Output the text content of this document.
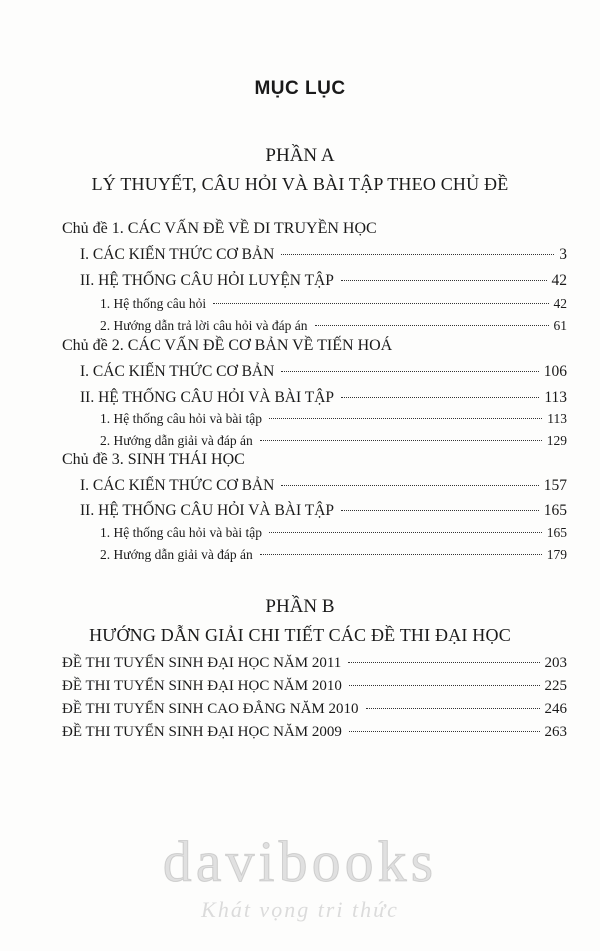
MỤC LỤC
PHẦN A
LÝ THUYẾT, CÂU HỎI VÀ BÀI TẬP THEO CHỦ ĐỀ
Chủ đề 1. CÁC VẤN ĐỀ VỀ DI TRUYỀN HỌC
I. CÁC KIẾN THỨC CƠ BẢN	3
II. HỆ THỐNG CÂU HỎI LUYỆN TẬP	42
1. Hệ thống câu hỏi	42
2. Hướng dẫn trả lời câu hỏi và đáp án	61
Chủ đề 2. CÁC VẤN ĐỀ CƠ BẢN VỀ TIẾN HOÁ
I. CÁC KIẾN THỨC CƠ BẢN	106
II. HỆ THỐNG CÂU HỎI VÀ BÀI TẬP	113
1. Hệ thống câu hỏi và bài tập	113
2. Hướng dẫn giải và đáp án	129
Chủ đề 3. SINH THÁI HỌC
I. CÁC KIẾN THỨC CƠ BẢN	157
II. HỆ THỐNG CÂU HỎI VÀ BÀI TẬP	165
1. Hệ thống câu hỏi và bài tập	165
2. Hướng dẫn giải và đáp án	179
PHẦN B
HƯỚNG DẪN GIẢI CHI TIẾT CÁC ĐỀ THI ĐẠI HỌC
ĐỀ THI TUYỂN SINH ĐẠI HỌC NĂM 2011	203
ĐỀ THI TUYỂN SINH ĐẠI HỌC NĂM 2010	225
ĐỀ THI TUYỂN SINH CAO ĐẲNG NĂM 2010	246
ĐỀ THI TUYỂN SINH ĐẠI HỌC NĂM 2009	263
davibooks
Khát vọng tri thức
